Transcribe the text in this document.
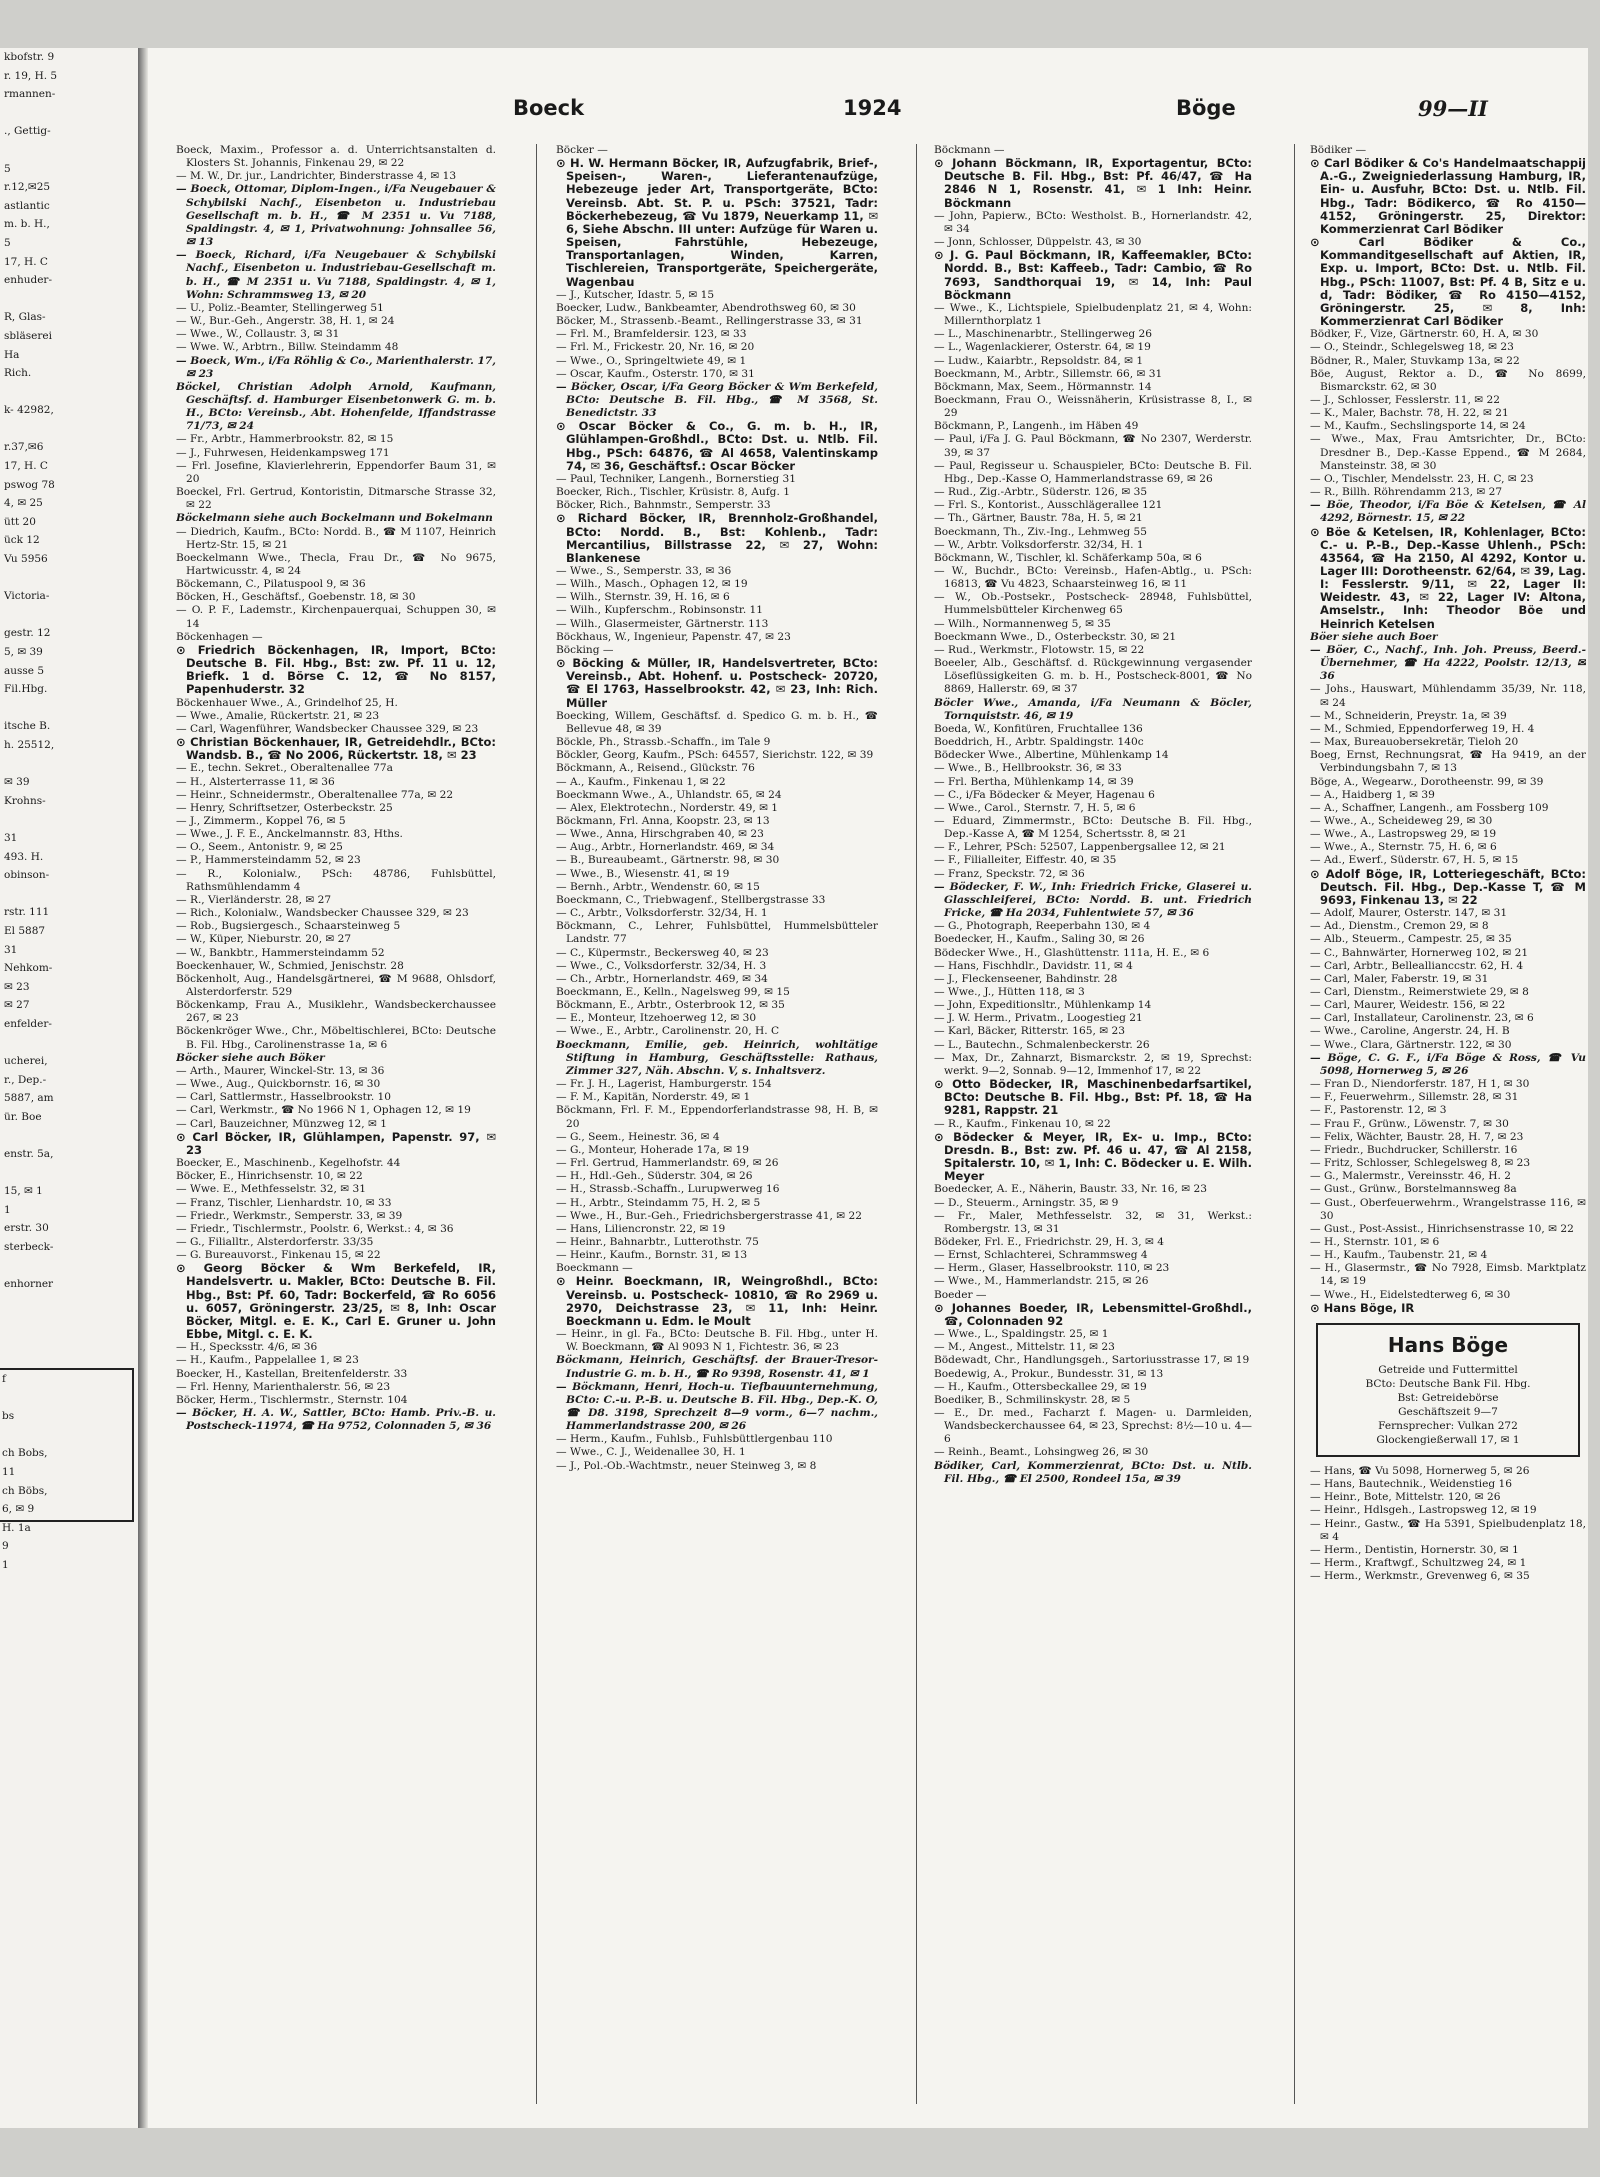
kbofstr. 9
r. 19, H. 5
rmannen-

., Gettig-

5
r.12,✉25
astlantic
m. b. H.,
5
17, H. C
enhuder-

R, Glas-
sbläserei
Ha
Rich.

k- 42982,

r.37,✉6
17, H. C
pswog 78
4, ✉ 25
ütt 20
ück 12
Vu 5956

Victoria-

gestr. 12
5, ✉ 39
ausse 5
Fil.Hbg.

itsche B.
h. 25512,

✉ 39
Krohns-

31
493. H.
obinson-

rstr. 111
El 5887
31
Nehkom-
✉ 23
✉ 27
enfelder-

ucherei,
r., Dep.-
5887, am
ür. Boe

enstr. 5a,

15, ✉ 1
1
erstr. 30
sterbeck-

enhorner
f

bs

ch Bobs,
11
ch Böbs,
6, ✉ 9
H. 1a
9
1
Boeck	1924	Böge	99—II

Boeck, Maxim., Professor a. d. Unterrichtsanstalten d. Klosters St. Johannis, Finkenau 29, ✉ 22

— M. W., Dr. jur., Landrichter, Binderstrasse 4, ✉ 13

— Boeck, Ottomar, Diplom-Ingen., i/Fa Neugebauer & Schybilski Nachf., Eisenbeton u. Industriebau Gesellschaft m. b. H., ☎ M 2351 u. Vu 7188, Spaldingstr. 4, ✉ 1, Privatwohnung: Johnsallee 56, ✉ 13

— Boeck, Richard, i/Fa Neugebauer & Schybilski Nachf., Eisenbeton u. Industriebau-Gesellschaft m. b. H., ☎ M 2351 u. Vu 7188, Spaldingstr. 4, ✉ 1, Wohn: Schrammsweg 13, ✉ 20

— U., Poliz.-Beamter, Stellingerweg 51

— W., Bur.-Geh., Angerstr. 38, H. 1, ✉ 24

— Wwe., W., Collaustr. 3, ✉ 31

— Wwe. W., Arbtrn., Billw. Steindamm 48

— Boeck, Wm., i/Fa Röhlig & Co., Marienthalerstr. 17, ✉ 23

Böckel, Christian Adolph Arnold, Kaufmann, Geschäftsf. d. Hamburger Eisenbetonwerk G. m. b. H., BCto: Vereinsb., Abt. Hohenfelde, Iffandstrasse 71/73, ✉ 24

— Fr., Arbtr., Hammerbrookstr. 82, ✉ 15

— J., Fuhrwesen, Heidenkampsweg 171

— Frl. Josefine, Klavierlehrerin, Eppendorfer Baum 31, ✉ 20

Boeckel, Frl. Gertrud, Kontoristin, Ditmarsche Strasse 32, ✉ 22

Böckelmann siehe auch Bockelmann und Bokelmann

— Diedrich, Kaufm., BCto: Nordd. B., ☎ M 1107, Heinrich Hertz-Str. 15, ✉ 21

Boeckelmann Wwe., Thecla, Frau Dr., ☎ No 9675, Hartwicusstr. 4, ✉ 24

Böckemann, C., Pilatuspool 9, ✉ 36

Böcken, H., Geschäftsf., Goebenstr. 18, ✉ 30

— O. P. F., Lademstr., Kirchenpauerquai, Schuppen 30, ✉ 14

Böckenhagen —

⊙ Friedrich Böckenhagen, IR, Import, BCto: Deutsche B. Fil. Hbg., Bst: zw. Pf. 11 u. 12, Briefk. 1 d. Börse C. 12, ☎ No 8157, Papenhuderstr. 32

Böckenhauer Wwe., A., Grindelhof 25, H.

— Wwe., Amalie, Rückertstr. 21, ✉ 23

— Carl, Wagenführer, Wandsbecker Chaussee 329, ✉ 23

⊙ Christian Böckenhauer, IR, Getreidehdlr., BCto: Wandsb. B., ☎ No 2006, Rückertstr. 18, ✉ 23

— E., techn. Sekret., Oberaltenallee 77a

— H., Alsterterrasse 11, ✉ 36

— Heinr., Schneidermstr., Oberaltenallee 77a, ✉ 22

— Henry, Schriftsetzer, Osterbeckstr. 25

— J., Zimmerm., Koppel 76, ✉ 5

— Wwe., J. F. E., Anckelmannstr. 83, Hths.

— O., Seem., Antonistr. 9, ✉ 25

— P., Hammersteindamm 52, ✉ 23

— R., Kolonialw., PSch: 48786, Fuhlsbüttel, Rathsmühlendamm 4

— R., Vierländerstr. 28, ✉ 27

— Rich., Kolonialw., Wandsbecker Chaussee 329, ✉ 23

— Rob., Bugsiergesch., Schaarsteinweg 5

— W., Küper, Nieburstr. 20, ✉ 27

— W., Bankbtr., Hammersteindamm 52

Boeckenhauer, W., Schmied, Jenischstr. 28

Böckenholt, Aug., Handelsgärtnerei, ☎ M 9688, Ohlsdorf, Alsterdorferstr. 529

Böckenkamp, Frau A., Musiklehr., Wandsbeckerchaussee 267, ✉ 23

Böckenkröger Wwe., Chr., Möbeltischlerei, BCto: Deutsche B. Fil. Hbg., Carolinenstrasse 1a, ✉ 6

Böcker siehe auch Böker

— Arth., Maurer, Winckel-Str. 13, ✉ 36

— Wwe., Aug., Quickbornstr. 16, ✉ 30

— Carl, Sattlermstr., Hasselbrookstr. 10

— Carl, Werkmstr., ☎ No 1966 N 1, Ophagen 12, ✉ 19

— Carl, Bauzeichner, Münzweg 12, ✉ 1

⊙ Carl Böcker, IR, Glühlampen, Papenstr. 97, ✉ 23

Boecker, E., Maschinenb., Kegelhofstr. 44

Böcker, E., Hinrichsenstr. 10, ✉ 22

— Wwe. E., Methfesselstr. 32, ✉ 31

— Franz, Tischler, Lienhardstr. 10, ✉ 33

— Friedr., Werkmstr., Semperstr. 33, ✉ 39

— Friedr., Tischlermstr., Poolstr. 6, Werkst.: 4, ✉ 36

— G., Filialltr., Alsterdorferstr. 33/35

— G. Bureauvorst., Finkenau 15, ✉ 22

⊙ Georg Böcker & Wm Berkefeld, IR, Handelsvertr. u. Makler, BCto: Deutsche B. Fil. Hbg., Bst: Pf. 60, Tadr: Bockerfeld, ☎ Ro 6056 u. 6057, Gröningerstr. 23/25, ✉ 8, Inh: Oscar Böcker, Mitgl. e. E. K., Carl E. Gruner u. John Ebbe, Mitgl. c. E. K.

— H., Specksstr. 4/6, ✉ 36

— H., Kaufm., Pappelallee 1, ✉ 23

Boecker, H., Kastellan, Breitenfelderstr. 33

— Frl. Henny, Marienthalerstr. 56, ✉ 23

Böcker, Herm., Tischlermstr., Sternstr. 104

— Böcker, H. A. W., Sattler, BCto: Hamb. Priv.-B. u. Postscheck-11974, ☎ Ha 9752, Colonnaden 5, ✉ 36

Böcker —

⊙ H. W. Hermann Böcker, IR, Aufzugfabrik, Brief-, Speisen-, Waren-, Lieferantenaufzüge, Hebezeuge jeder Art, Transportgeräte, BCto: Vereinsb. Abt. St. P. u. PSch: 37521, Tadr: Böckerhebezeug, ☎ Vu 1879, Neuerkamp 11, ✉ 6, Siehe Abschn. III unter: Aufzüge für Waren u. Speisen, Fahrstühle, Hebezeuge, Transportanlagen, Winden, Karren, Tischlereien, Transportgeräte, Speichergeräte, Wagenbau

— J., Kutscher, Idastr. 5, ✉ 15

Boecker, Ludw., Bankbeamter, Abendrothsweg 60, ✉ 30

Böcker, M., Strassenb.-Beamt., Rellingerstrasse 33, ✉ 31

— Frl. M., Bramfeldersir. 123, ✉ 33

— Frl. M., Frickestr. 20, Nr. 16, ✉ 20

— Wwe., O., Springeltwiete 49, ✉ 1

— Oscar, Kaufm., Osterstr. 170, ✉ 31

— Böcker, Oscar, i/Fa Georg Böcker & Wm Berkefeld, BCto: Deutsche B. Fil. Hbg., ☎ M 3568, St. Benedictstr. 33

⊙ Oscar Böcker & Co., G. m. b. H., IR, Glühlampen-Großhdl., BCto: Dst. u. Ntlb. Fil. Hbg., PSch: 64876, ☎ Al 4658, Valentinskamp 74, ✉ 36, Geschäftsf.: Oscar Böcker

— Paul, Techniker, Langenh., Bornerstieg 31

Boecker, Rich., Tischler, Krüsistr. 8, Aufg. 1

Böcker, Rich., Bahnmstr., Semperstr. 33

⊙ Richard Böcker, IR, Brennholz-Großhandel, BCto: Nordd. B., Bst: Kohlenb., Tadr: Mercantilius, Billstrasse 22, ✉ 27, Wohn: Blankenese

— Wwe., S., Semperstr. 33, ✉ 36

— Wilh., Masch., Ophagen 12, ✉ 19

— Wilh., Sternstr. 39, H. 16, ✉ 6

— Wilh., Kupferschm., Robinsonstr. 11

— Wilh., Glasermeister, Gärtnerstr. 113

Böckhaus, W., Ingenieur, Papenstr. 47, ✉ 23

Böcking —

⊙ Böcking & Müller, IR, Handelsvertreter, BCto: Vereinsb., Abt. Hohenf. u. Postscheck- 20720, ☎ El 1763, Hasselbrookstr. 42, ✉ 23, Inh: Rich. Müller

Boecking, Willem, Geschäftsf. d. Spedico G. m. b. H., ☎ Bellevue 48, ✉ 39

Böckle, Ph., Strassb.-Schaffn., im Tale 9

Böckler, Georg, Kaufm., PSch: 64557, Sierichstr. 122, ✉ 39

Böckmann, A., Reisend., Glückstr. 76

— A., Kaufm., Finkenau 1, ✉ 22

Boeckmann Wwe., A., Uhlandstr. 65, ✉ 24

— Alex, Elektrotechn., Norderstr. 49, ✉ 1

Böckmann, Frl. Anna, Koopstr. 23, ✉ 13

— Wwe., Anna, Hirschgraben 40, ✉ 23

— Aug., Arbtr., Hornerlandstr. 469, ✉ 34

— B., Bureaubeamt., Gärtnerstr. 98, ✉ 30

— Wwe., B., Wiesenstr. 41, ✉ 19

— Bernh., Arbtr., Wendenstr. 60, ✉ 15

Boeckmann, C., Triebwagenf., Stellbergstrasse 33

— C., Arbtr., Volksdorferstr. 32/34, H. 1

Böckmann, C., Lehrer, Fuhlsbüttel, Hummelsbütteler Landstr. 77

— C., Küpermstr., Beckersweg 40, ✉ 23

— Wwe., C., Volksdorferstr. 32/34, H. 3

— Ch., Arbtr., Hornerlandstr. 469, ✉ 34

Boeckmann, E., Kelln., Nagelsweg 99, ✉ 15

Böckmann, E., Arbtr., Osterbrook 12, ✉ 35

— E., Monteur, Itzehoerweg 12, ✉ 30

— Wwe., E., Arbtr., Carolinenstr. 20, H. C

Boeckmann, Emilie, geb. Heinrich, wohltätige Stiftung in Hamburg, Geschäftsstelle: Rathaus, Zimmer 327, Näh. Abschn. V, s. Inhaltsverz.

— Fr. J. H., Lagerist, Hamburgerstr. 154

— F. M., Kapitän, Norderstr. 49, ✉ 1

Böckmann, Frl. F. M., Eppendorferlandstrasse 98, H. B, ✉ 20

— G., Seem., Heinestr. 36, ✉ 4

— G., Monteur, Hoherade 17a, ✉ 19

— Frl. Gertrud, Hammerlandstr. 69, ✉ 26

— H., Hdl.-Geh., Süderstr. 304, ✉ 26

— H., Strassb.-Schaffn., Lurupwerweg 16

— H., Arbtr., Steindamm 75, H. 2, ✉ 5

— Wwe., H., Bur.-Geh., Friedrichsbergerstrasse 41, ✉ 22

— Hans, Liliencronstr. 22, ✉ 19

— Heinr., Bahnarbtr., Lutterothstr. 75

— Heinr., Kaufm., Bornstr. 31, ✉ 13

Boeckmann —

⊙ Heinr. Boeckmann, IR, Weingroßhdl., BCto: Vereinsb. u. Postscheck- 10810, ☎ Ro 2969 u. 2970, Deichstrasse 23, ✉ 11, Inh: Heinr. Boeckmann u. Edm. le Moult

— Heinr., in gl. Fa., BCto: Deutsche B. Fil. Hbg., unter H. W. Boeckmann, ☎ Al 9093 N 1, Fichtestr. 36, ✉ 23

Böckmann, Heinrich, Geschäftsf. der Brauer-Tresor-Industrie G. m. b. H., ☎ Ro 9398, Rosenstr. 41, ✉ 1

— Böckmann, Henri, Hoch-u. Tiefbauunternehmung, BCto: C.-u. P.-B. u. Deutsche B. Fil. Hbg., Dep.-K. O, ☎ D8. 3198, Sprechzeit 8—9 vorm., 6—7 nachm., Hammerlandstrasse 200, ✉ 26

— Herm., Kaufm., Fuhlsb., Fuhlsbüttlergenbau 110

— Wwe., C. J., Weidenallee 30, H. 1

— J., Pol.-Ob.-Wachtmstr., neuer Steinweg 3, ✉ 8

Böckmann —

⊙ Johann Böckmann, IR, Exportagentur, BCto: Deutsche B. Fil. Hbg., Bst: Pf. 46/47, ☎ Ha 2846 N 1, Rosenstr. 41, ✉ 1 Inh: Heinr. Böckmann

— John, Papierw., BCto: Westholst. B., Hornerlandstr. 42, ✉ 34

— Jonn, Schlosser, Düppelstr. 43, ✉ 30

⊙ J. G. Paul Böckmann, IR, Kaffeemakler, BCto: Nordd. B., Bst: Kaffeeb., Tadr: Cambio, ☎ Ro 7693, Sandthorquai 19, ✉ 14, Inh: Paul Böckmann

— Wwe., K., Lichtspiele, Spielbudenplatz 21, ✉ 4, Wohn: Millernthorplatz 1

— L., Maschinenarbtr., Stellingerweg 26

— L., Wagenlackierer, Osterstr. 64, ✉ 19

— Ludw., Kaiarbtr., Repsoldstr. 84, ✉ 1

Boeckmann, M., Arbtr., Sillemstr. 66, ✉ 31

Böckmann, Max, Seem., Hörmannstr. 14

Boeckmann, Frau O., Weissnäherin, Krüsistrasse 8, I., ✉ 29

Böckmann, P., Langenh., im Häben 49

— Paul, i/Fa J. G. Paul Böckmann, ☎ No 2307, Werderstr. 39, ✉ 37

— Paul, Regisseur u. Schauspieler, BCto: Deutsche B. Fil. Hbg., Dep.-Kasse O, Hammerlandstrasse 69, ✉ 26

— Rud., Zig.-Arbtr., Süderstr. 126, ✉ 35

— Frl. S., Kontorist., Ausschlägerallee 121

— Th., Gärtner, Baustr. 78a, H. 5, ✉ 21

Boeckmann, Th., Ziv.-Ing., Lehmweg 55

— W., Arbtr. Volksdorferstr. 32/34, H. 1

Böckmann, W., Tischler, kl. Schäferkamp 50a, ✉ 6

— W., Buchdr., BCto: Vereinsb., Hafen-Abtlg., u. PSch: 16813, ☎ Vu 4823, Schaarsteinweg 16, ✉ 11

— W., Ob.-Postsekr., Postscheck- 28948, Fuhlsbüttel, Hummelsbütteler Kirchenweg 65

— Wilh., Normannenweg 5, ✉ 35

Boeckmann Wwe., D., Osterbeckstr. 30, ✉ 21

— Rud., Werkmstr., Flotowstr. 15, ✉ 22

Boeeler, Alb., Geschäftsf. d. Rückgewinnung vergasender Löseflüssigkeiten G. m. b. H., Postscheck-8001, ☎ No 8869, Hallerstr. 69, ✉ 37

Böcler Wwe., Amanda, i/Fa Neumann & Böcler, Tornquiststr. 46, ✉ 19

Boeda, W., Konfitüren, Fruchtallee 136

Boeddrich, H., Arbtr. Spaldingstr. 140c

Bödecker Wwe., Albertine, Mühlenkamp 14

— Wwe., B., Hellbrookstr. 36, ✉ 33

— Frl. Bertha, Mühlenkamp 14, ✉ 39

— C., i/Fa Bödecker & Meyer, Hagenau 6

— Wwe., Carol., Sternstr. 7, H. 5, ✉ 6

— Eduard, Zimmermstr., BCto: Deutsche B. Fil. Hbg., Dep.-Kasse A, ☎ M 1254, Schertsstr. 8, ✉ 21

— F., Lehrer, PSch: 52507, Lappenbergsallee 12, ✉ 21

— F., Filialleiter, Eiffestr. 40, ✉ 35

— Franz, Speckstr. 72, ✉ 36

— Bödecker, F. W., Inh: Friedrich Fricke, Glaserei u. Glasschleiferei, BCto: Nordd. B. unt. Friedrich Fricke, ☎ Ha 2034, Fuhlentwiete 57, ✉ 36

— G., Photograph, Reeperbahn 130, ✉ 4

Boedecker, H., Kaufm., Saling 30, ✉ 26

Bödecker Wwe., H., Glashüttenstr. 111a, H. E., ✉ 6

— Hans, Fischhdlr., Davidstr. 11, ✉ 4

— J., Fleckenseener, Bahdinstr. 28

— Wwe., J., Hütten 118, ✉ 3

— John, Expeditionsltr., Mühlenkamp 14

— J. W. Herm., Privatm., Loogestieg 21

— Karl, Bäcker, Ritterstr. 165, ✉ 23

— L., Bautechn., Schmalenbeckerstr. 26

— Max, Dr., Zahnarzt, Bismarckstr. 2, ✉ 19, Sprechst: werkt. 9—2, Sonnab. 9—12, Immenhof 17, ✉ 22

⊙ Otto Bödecker, IR, Maschinenbedarfsartikel, BCto: Deutsche B. Fil. Hbg., Bst: Pf. 18, ☎ Ha 9281, Rappstr. 21

— R., Kaufm., Finkenau 10, ✉ 22

⊙ Bödecker & Meyer, IR, Ex- u. Imp., BCto: Dresdn. B., Bst: zw. Pf. 46 u. 47, ☎ Al 2158, Spitalerstr. 10, ✉ 1, Inh: C. Bödecker u. E. Wilh. Meyer

Boedecker, A. E., Näherin, Baustr. 33, Nr. 16, ✉ 23

— D., Steuerm., Arningstr. 35, ✉ 9

— Fr., Maler, Methfesselstr. 32, ✉ 31, Werkst.: Rombergstr. 13, ✉ 31

Bödeker, Frl. E., Friedrichstr. 29, H. 3, ✉ 4

— Ernst, Schlachterei, Schrammsweg 4

— Herm., Glaser, Hasselbrookstr. 110, ✉ 23

— Wwe., M., Hammerlandstr. 215, ✉ 26

Boeder —

⊙ Johannes Boeder, IR, Lebensmittel-Großhdl., ☎, Colonnaden 92

— Wwe., L., Spaldingstr. 25, ✉ 1

— M., Angest., Mittelstr. 11, ✉ 23

Bödewadt, Chr., Handlungsgeh., Sartoriusstrasse 17, ✉ 19

Boedewig, A., Prokur., Bundesstr. 31, ✉ 13

— H., Kaufm., Ottersbeckallee 29, ✉ 19

Boediker, B., Schmilinskystr. 28, ✉ 5

— E., Dr. med., Facharzt f. Magen- u. Darmleiden, Wandsbeckerchaussee 64, ✉ 23, Sprechst: 8½—10 u. 4—6

— Reinh., Beamt., Lohsingweg 26, ✉ 30

Bödiker, Carl, Kommerzienrat, BCto: Dst. u. Ntlb. Fil. Hbg., ☎ El 2500, Rondeel 15a, ✉ 39

Bödiker —

⊙ Carl Bödiker & Co's Handelmaatschappij A.-G., Zweigniederlassung Hamburg, IR, Ein- u. Ausfuhr, BCto: Dst. u. Ntlb. Fil. Hbg., Tadr: Bödikerco, ☎ Ro 4150—4152, Gröningerstr. 25, Direktor: Kommerzienrat Carl Bödiker

⊙ Carl Bödiker & Co., Kommanditgesellschaft auf Aktien, IR, Exp. u. Import, BCto: Dst. u. Ntlb. Fil. Hbg., PSch: 11007, Bst: Pf. 4 B, Sitz e u. d, Tadr: Bödiker, ☎ Ro 4150—4152, Gröningerstr. 25, ✉ 8, Inh: Kommerzienrat Carl Bödiker

Bödker, F., Vize, Gärtnerstr. 60, H. A, ✉ 30

— O., Steindr., Schlegelsweg 18, ✉ 23

Bödner, R., Maler, Stuvkamp 13a, ✉ 22

Böe, August, Rektor a. D., ☎ No 8699, Bismarckstr. 62, ✉ 30

— J., Schlosser, Fesslerstr. 11, ✉ 22

— K., Maler, Bachstr. 78, H. 22, ✉ 21

— M., Kaufm., Sechslingsporte 14, ✉ 24

— Wwe., Max, Frau Amtsrichter, Dr., BCto: Dresdner B., Dep.-Kasse Eppend., ☎ M 2684, Mansteinstr. 38, ✉ 30

— O., Tischler, Mendelsstr. 23, H. C, ✉ 23

— R., Billh. Röhrendamm 213, ✉ 27

— Böe, Theodor, i/Fa Böe & Ketelsen, ☎ Al 4292, Börnestr. 15, ✉ 22

⊙ Böe & Ketelsen, IR, Kohlenlager, BCto: C.- u. P.-B., Dep.-Kasse Uhlenh., PSch: 43564, ☎ Ha 2150, Al 4292, Kontor u. Lager III: Dorotheenstr. 62/64, ✉ 39, Lag. I: Fesslerstr. 9/11, ✉ 22, Lager II: Weidestr. 43, ✉ 22, Lager IV: Altona, Amselstr., Inh: Theodor Böe und Heinrich Ketelsen

Böer siehe auch Boer

— Böer, C., Nachf., Inh. Joh. Preuss, Beerd.-Übernehmer, ☎ Ha 4222, Poolstr. 12/13, ✉ 36

— Johs., Hauswart, Mühlendamm 35/39, Nr. 118, ✉ 24

— M., Schneiderin, Preystr. 1a, ✉ 39

— M., Schmied, Eppendorferweg 19, H. 4

— Max, Bureauobersekretär, Tieloh 20

Boeg, Ernst, Rechnungsrat, ☎ Ha 9419, an der Verbindungsbahn 7, ✉ 13

Böge, A., Wegearw., Dorotheenstr. 99, ✉ 39

— A., Haidberg 1, ✉ 39

— A., Schaffner, Langenh., am Fossberg 109

— Wwe., A., Scheideweg 29, ✉ 30

— Wwe., A., Lastropsweg 29, ✉ 19

— Wwe., A., Sternstr. 75, H. 6, ✉ 6

— Ad., Ewerf., Süderstr. 67, H. 5, ✉ 15

⊙ Adolf Böge, IR, Lotteriegeschäft, BCto: Deutsch. Fil. Hbg., Dep.-Kasse T, ☎ M 9693, Finkenau 13, ✉ 22

— Adolf, Maurer, Osterstr. 147, ✉ 31

— Ad., Dienstm., Cremon 29, ✉ 8

— Alb., Steuerm., Campestr. 25, ✉ 35

— C., Bahnwärter, Hornerweg 102, ✉ 21

— Carl, Arbtr., Belleallianccstr. 62, H. 4

— Carl, Maler, Faberstr. 19, ✉ 31

— Carl, Dienstm., Reimerstwiete 29, ✉ 8

— Carl, Maurer, Weidestr. 156, ✉ 22

— Carl, Installateur, Carolinenstr. 23, ✉ 6

— Wwe., Caroline, Angerstr. 24, H. B

— Wwe., Clara, Gärtnerstr. 122, ✉ 30

— Böge, C. G. F., i/Fa Böge & Ross, ☎ Vu 5098, Hornerweg 5, ✉ 26

— Fran D., Niendorferstr. 187, H 1, ✉ 30

— F., Feuerwehrm., Sillemstr. 28, ✉ 31

— F., Pastorenstr. 12, ✉ 3

— Frau F., Grünw., Löwenstr. 7, ✉ 30

— Felix, Wächter, Baustr. 28, H. 7, ✉ 23

— Friedr., Buchdrucker, Schillerstr. 16

— Fritz, Schlosser, Schlegelsweg 8, ✉ 23

— G., Malermstr., Vereinsstr. 46, H. 2

— Gust., Grünw., Borstelmannsweg 8a

— Gust., Oberfeuerwehrm., Wrangelstrasse 116, ✉ 30

— Gust., Post-Assist., Hinrichsenstrasse 10, ✉ 22

— H., Sternstr. 101, ✉ 6

— H., Kaufm., Taubenstr. 21, ✉ 4

— H., Glasermstr., ☎ No 7928, Eimsb. Marktplatz 14, ✉ 19

— Wwe., H., Eidelstedterweg 6, ✉ 30

⊙ Hans Böge, IR

Hans Böge
Getreide und Futtermittel
BCto: Deutsche Bank Fil. Hbg.
Bst: Getreidebörse
Geschäftszeit 9—7
Fernsprecher: Vulkan 272
Glockengießerwall 17, ✉ 1

— Hans, ☎ Vu 5098, Hornerweg 5, ✉ 26

— Hans, Bautechnik., Weidenstieg 16

— Heinr., Bote, Mittelstr. 120, ✉ 26

— Heinr., Hdlsgeh., Lastropsweg 12, ✉ 19

— Heinr., Gastw., ☎ Ha 5391, Spielbudenplatz 18, ✉ 4

— Herm., Dentistin, Hornerstr. 30, ✉ 1

— Herm., Kraftwgf., Schultzweg 24, ✉ 1

— Herm., Werkmstr., Grevenweg 6, ✉ 35
